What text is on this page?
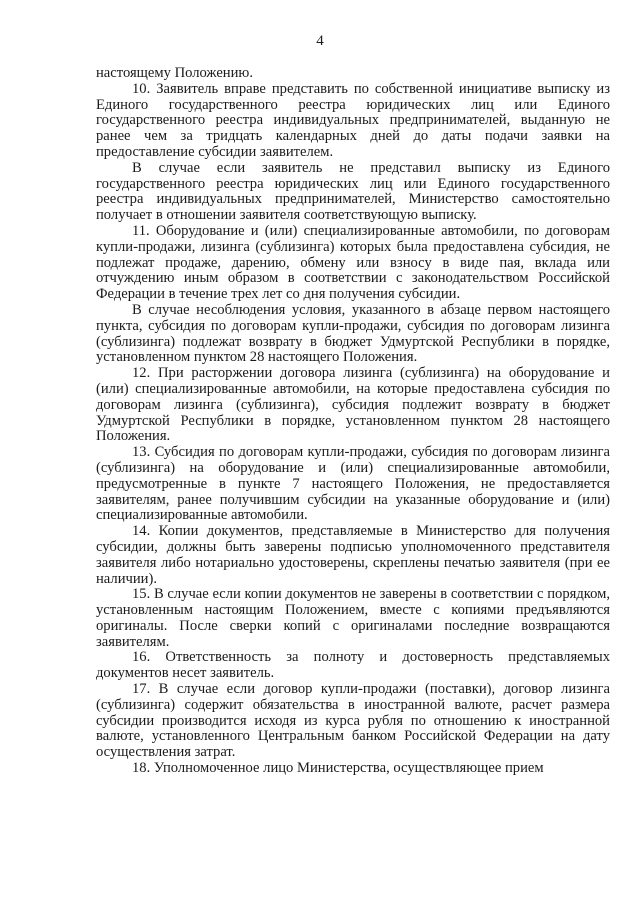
4

настоящему Положению.

10. Заявитель вправе представить по собственной инициативе выписку из Единого государственного реестра юридических лиц или Единого государственного реестра индивидуальных предпринимателей, выданную не ранее чем за тридцать календарных дней до даты подачи заявки на предоставление субсидии заявителем.

В случае если заявитель не представил выписку из Единого государственного реестра юридических лиц или Единого государственного реестра индивидуальных предпринимателей, Министерство самостоятельно получает в отношении заявителя соответствующую выписку.

11. Оборудование и (или) специализированные автомобили, по договорам купли-продажи, лизинга (сублизинга) которых была предоставлена субсидия, не подлежат продаже, дарению, обмену или взносу в виде пая, вклада или отчуждению иным образом в соответствии с законодательством Российской Федерации в течение трех лет со дня получения субсидии.

В случае несоблюдения условия, указанного в абзаце первом настоящего пункта, субсидия по договорам купли-продажи, субсидия по договорам лизинга (сублизинга) подлежат возврату в бюджет Удмуртской Республики в порядке, установленном пунктом 28 настоящего Положения.

12. При расторжении договора лизинга (сублизинга) на оборудование и (или) специализированные автомобили, на которые предоставлена субсидия по договорам лизинга (сублизинга), субсидия подлежит возврату в бюджет Удмуртской Республики в порядке, установленном пунктом 28 настоящего Положения.

13. Субсидия по договорам купли-продажи, субсидия по договорам лизинга (сублизинга) на оборудование и (или) специализированные автомобили, предусмотренные в пункте 7 настоящего Положения, не предоставляется заявителям, ранее получившим субсидии на указанные оборудование и (или) специализированные автомобили.

14. Копии документов, представляемые в Министерство для получения субсидии, должны быть заверены подписью уполномоченного представителя заявителя либо нотариально удостоверены, скреплены печатью заявителя (при ее наличии).

15. В случае если копии документов не заверены в соответствии с порядком, установленным настоящим Положением, вместе с копиями предъявляются оригиналы. После сверки копий с оригиналами последние возвращаются заявителям.

16. Ответственность за полноту и достоверность представляемых документов несет заявитель.

17. В случае если договор купли-продажи (поставки), договор лизинга (сублизинга) содержит обязательства в иностранной валюте, расчет размера субсидии производится исходя из курса рубля по отношению к иностранной валюте, установленного Центральным банком Российской Федерации на дату осуществления затрат.

18. Уполномоченное лицо Министерства, осуществляющее прием
